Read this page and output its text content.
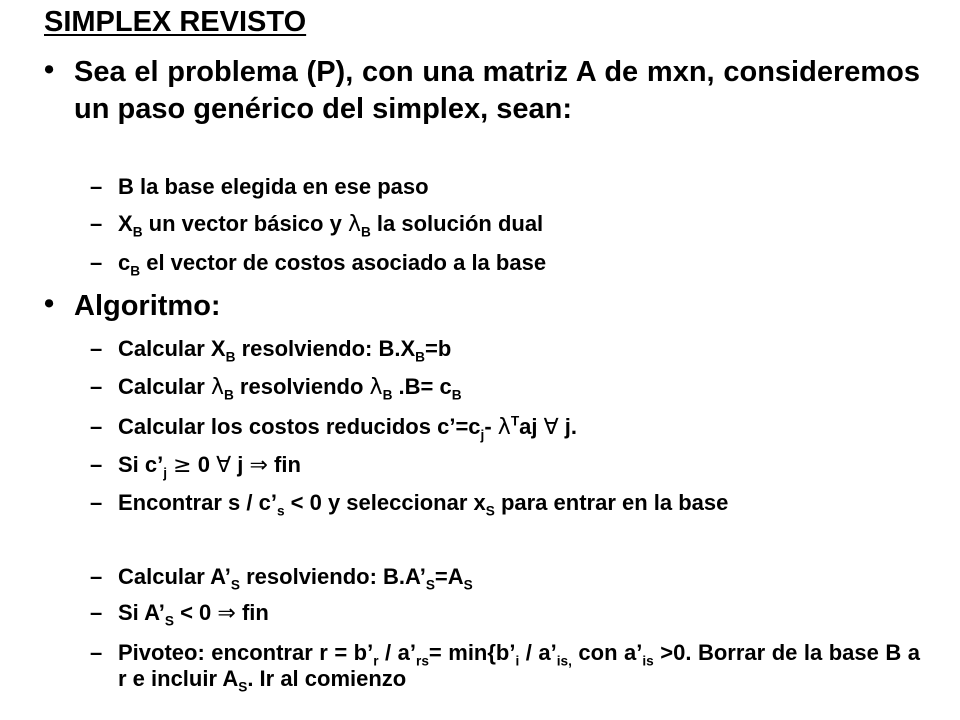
SIMPLEX REVISTO
• Sea el problema (P), con una matriz A de mxn, consideremos un paso genérico del simplex, sean:
– B la base elegida en ese paso
– $X_B$ un vector básico y $\lambda_B$ la solución dual
– $c_B$ el vector de costos asociado a la base
• Algoritmo:
– Calcular $X_B$ resolviendo: $B.X_B=b$
– Calcular $\lambda_B$ resolviendo $\lambda_B$ $.B= c_B$
– Calcular los costos reducidos $c’=c_j-$ $\lambda^Taj$ ∀ j.
– Si $c’_j \ge 0$ ∀ j ⇒ fin
– Encontrar $s / c’_s < 0$ y seleccionar $x_S$ para entrar en la base
– Calcular $A’_S$ resolviendo: $B.A’_S=A_S$
– Si $A’_S < 0$ ⇒ fin
– Pivoteo: encontrar $r = b’_r$ / $a’_{rs}=$ $\min\{b’_i$ / $a’_{is,}$ con $a’_{is} >0$. Borrar de la base B a r e incluir $A_S$. Ir al comienzo
